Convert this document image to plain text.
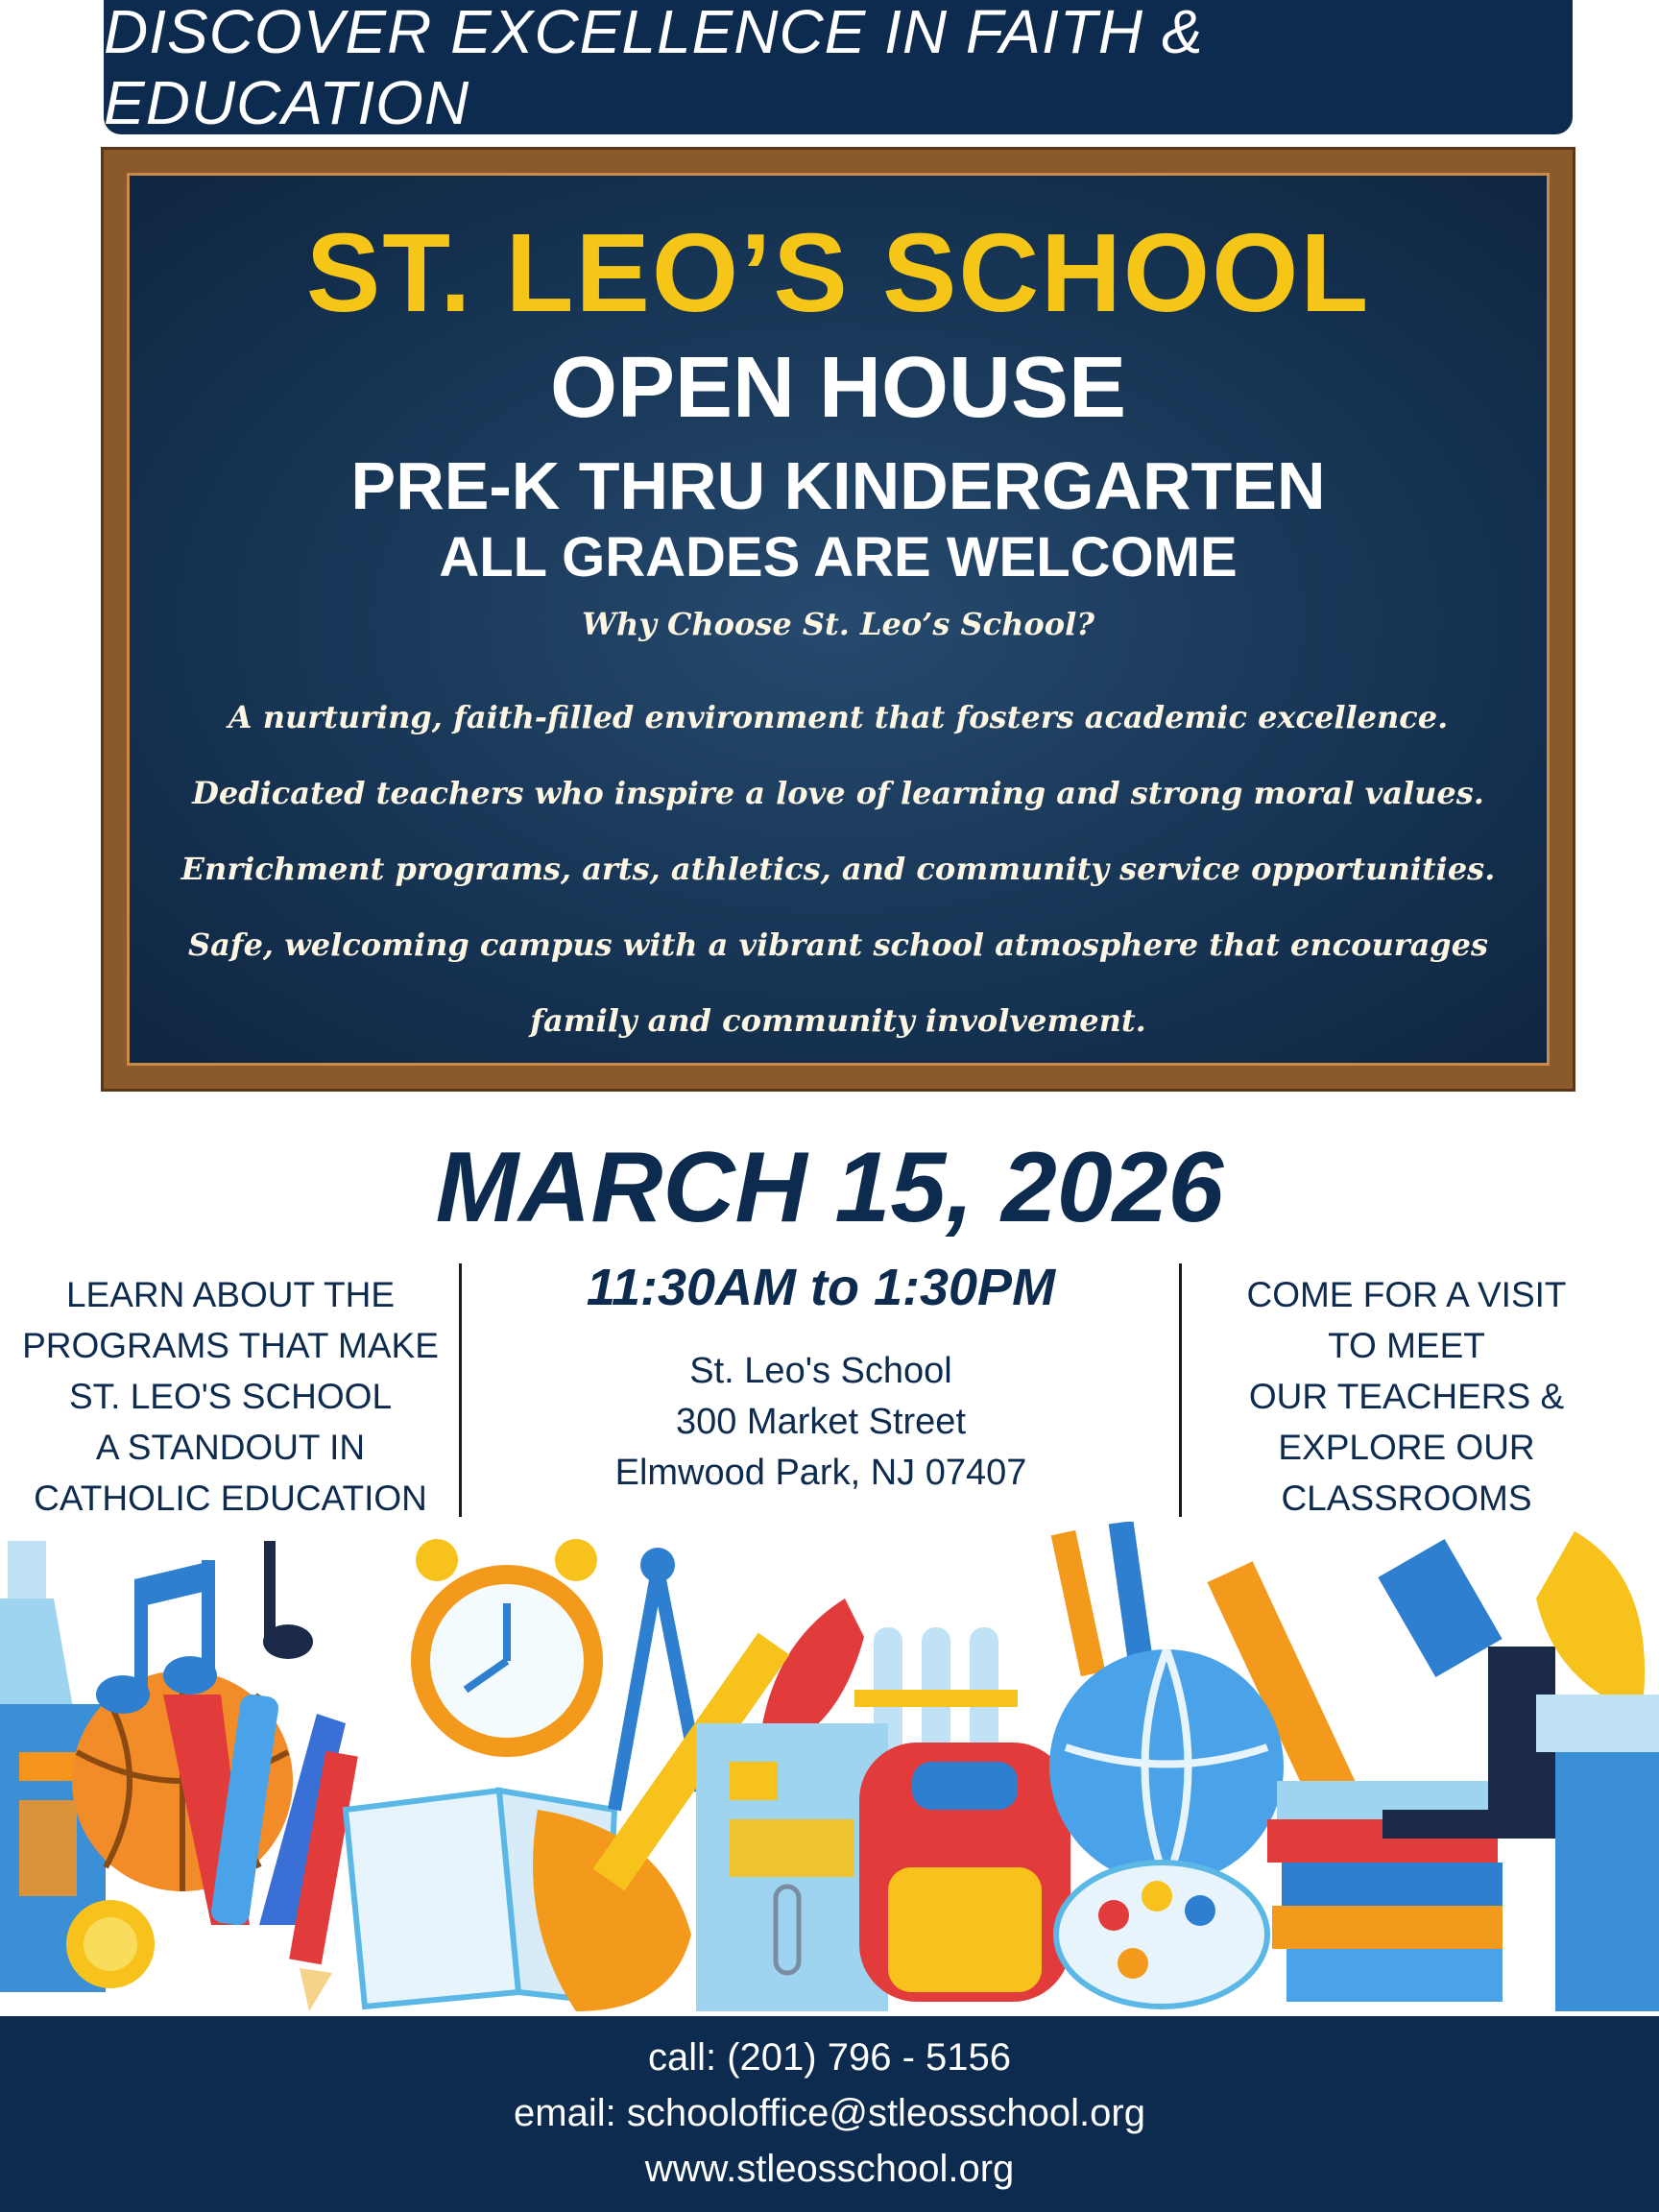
DISCOVER EXCELLENCE IN FAITH & EDUCATION
ST. LEO’S SCHOOL
OPEN HOUSE
PRE-K THRU KINDERGARTEN
ALL GRADES ARE WELCOME
Why Choose St. Leo’s School?
A nurturing, faith-filled environment that fosters academic excellence.
Dedicated teachers who inspire a love of learning and strong moral values.
Enrichment programs, arts, athletics, and community service opportunities.
Safe, welcoming campus with a vibrant school atmosphere that encourages
family and community involvement.
MARCH 15, 2026
LEARN ABOUT THE
PROGRAMS THAT MAKE
ST. LEO'S SCHOOL
A STANDOUT IN
CATHOLIC EDUCATION
11:30AM to 1:30PM
St. Leo's School
300 Market Street
Elmwood Park, NJ 07407
COME FOR A VISIT
TO MEET
OUR TEACHERS &
EXPLORE OUR
CLASSROOMS
call: (201) 796 - 5156
email: schooloffice@stleosschool.org
www.stleosschool.org
